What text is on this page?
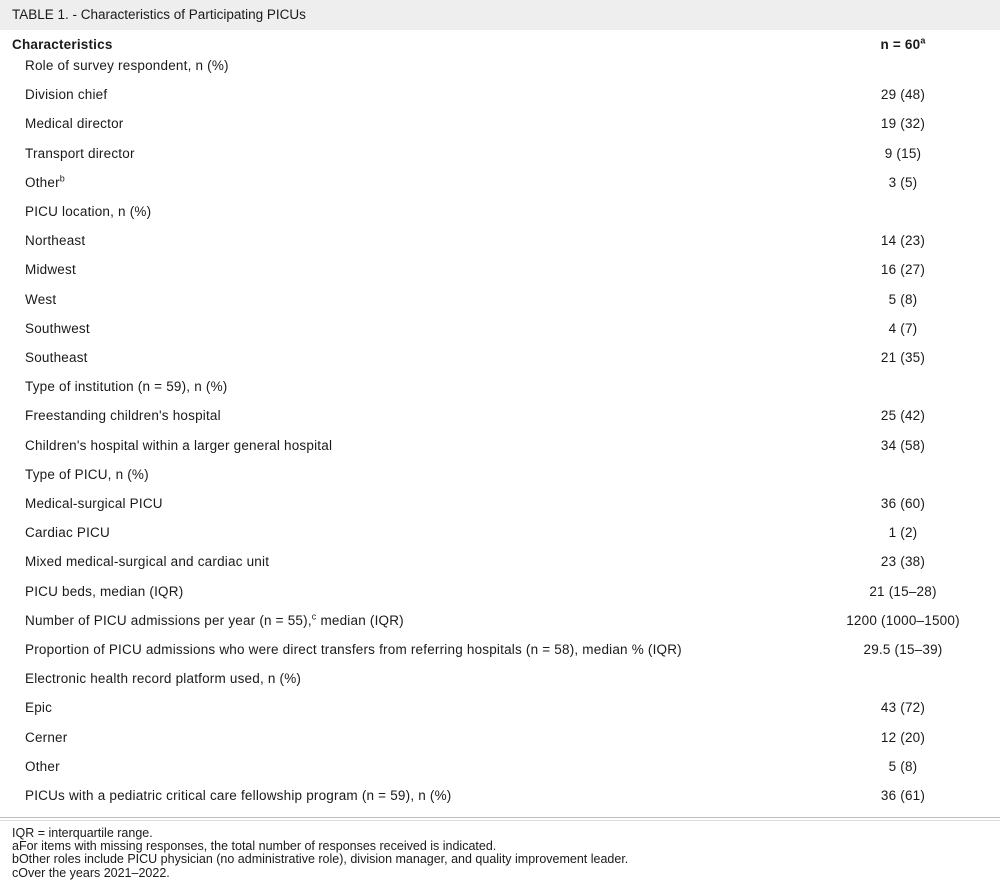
TABLE 1. - Characteristics of Participating PICUs
Characteristics	$n = 60^a$
Role of survey respondent, n (%)
Division chief	29 (48)
Medical director	19 (32)
Transport director	9 (15)
Other$^b$	3 (5)
PICU location, n (%)
Northeast	14 (23)
Midwest	16 (27)
West	5 (8)
Southwest	4 (7)
Southeast	21 (35)
Type of institution (n = 59), n (%)
Freestanding children's hospital	25 (42)
Children's hospital within a larger general hospital	34 (58)
Type of PICU, n (%)
Medical-surgical PICU	36 (60)
Cardiac PICU	1 (2)
Mixed medical-surgical and cardiac unit	23 (38)
PICU beds, median (IQR)	21 (15–28)
Number of PICU admissions per year (n = 55),$^c$ median (IQR)	1200 (1000–1500)
Proportion of PICU admissions who were direct transfers from referring hospitals (n = 58), median % (IQR)	29.5 (15–39)
Electronic health record platform used, n (%)
Epic	43 (72)
Cerner	12 (20)
Other	5 (8)
PICUs with a pediatric critical care fellowship program (n = 59), n (%)	36 (61)
IQR = interquartile range.
aFor items with missing responses, the total number of responses received is indicated.
bOther roles include PICU physician (no administrative role), division manager, and quality improvement leader.
cOver the years 2021–2022.
